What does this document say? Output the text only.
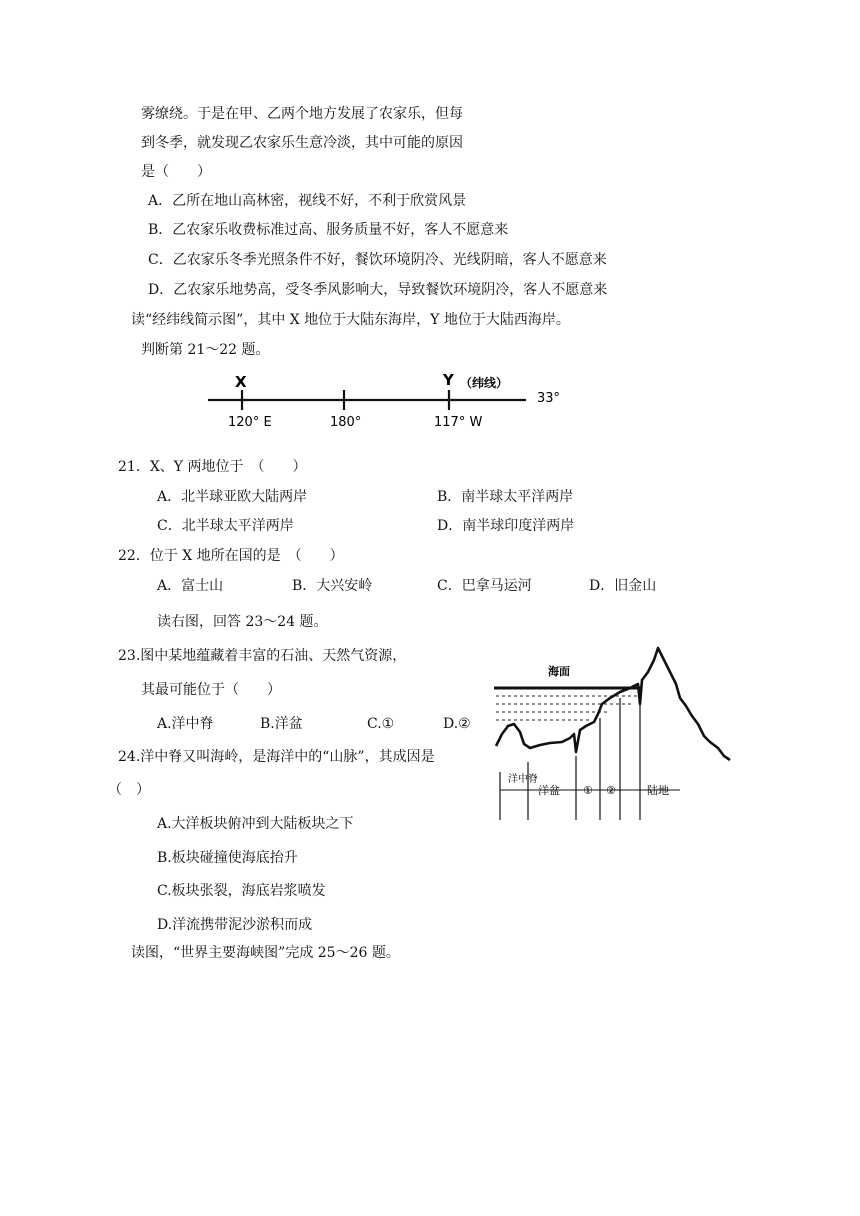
雾缭绕。于是在甲、乙两个地方发展了农家乐，但每
到冬季，就发现乙农家乐生意冷淡，其中可能的原因
是（　　）
A．乙所在地山高林密，视线不好，不利于欣赏风景
B．乙农家乐收费标准过高、服务质量不好，客人不愿意来
C．乙农家乐冬季光照条件不好，餐饮环境阴冷、光线阴暗，客人不愿意来
D．乙农家乐地势高，受冬季风影响大，导致餐饮环境阴冷，客人不愿意来
读“经纬线简示图”，其中 X 地位于大陆东海岸，Y 地位于大陆西海岸。
判断第 21～22 题。
X	Y （纬线）
33°
120° E	180°	117° W
21．X、Y 两地位于　（　　）
A．北半球亚欧大陆两岸	B．南半球太平洋两岸
C．北半球太平洋两岸	D．南半球印度洋两岸
22．位于 X 地所在国的是　（　　）
A．富士山	B．大兴安岭	C．巴拿马运河	D．旧金山
读右图，回答 23～24 题。
23.图中某地蕴藏着丰富的石油、天然气资源，
其最可能位于（　　）
A.洋中脊	B.洋盆	C.①	D.②
24.洋中脊又叫海岭，是海洋中的“山脉”，其成因是
（　）
A.大洋板块俯冲到大陆板块之下
B.板块碰撞使海底抬升
C.板块张裂，海底岩浆喷发
D.洋流携带泥沙淤积而成
海面
洋中脊
洋盆 ① ②	陆地
读图，“世界主要海峡图”完成 25～26 题。
